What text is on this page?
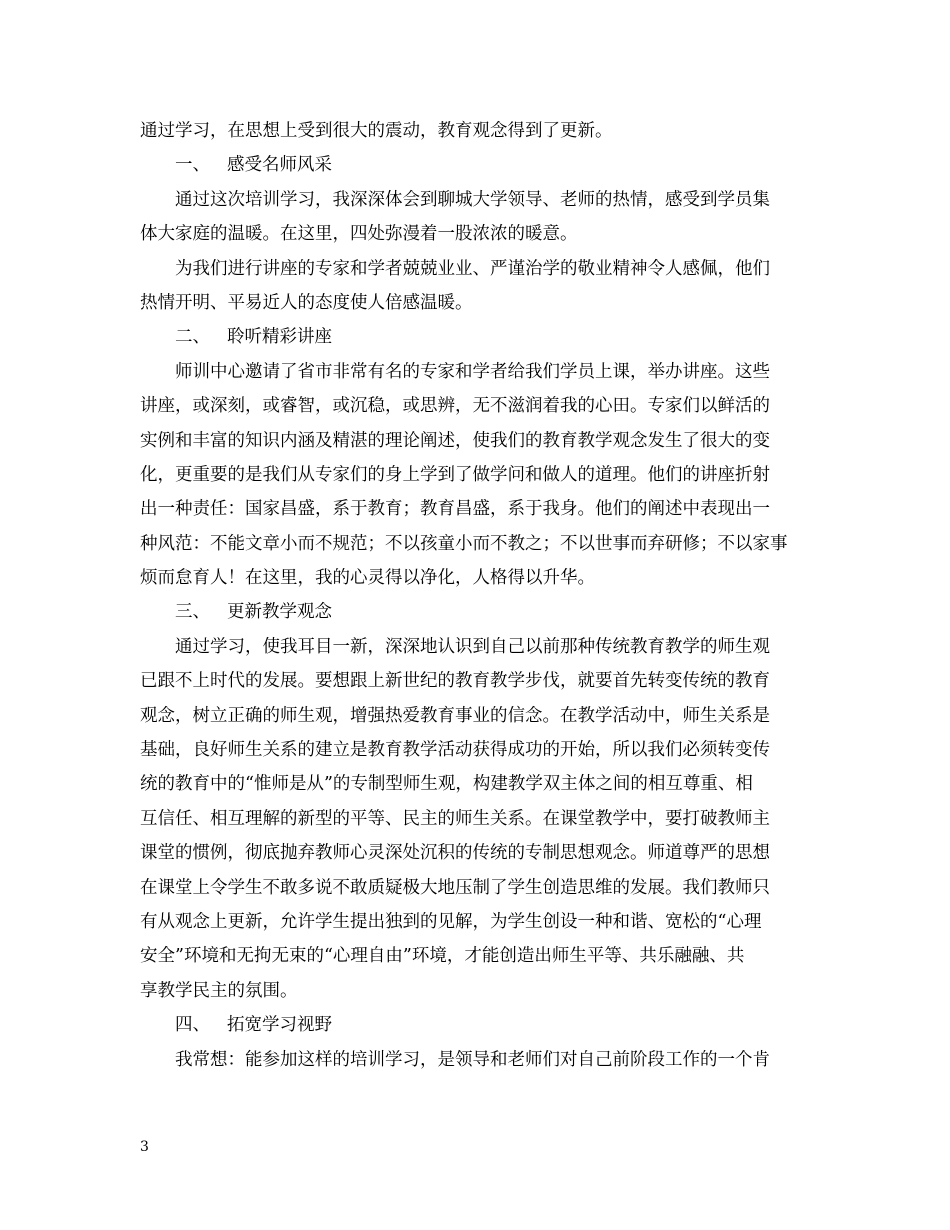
通过学习，在思想上受到很大的震动，教育观念得到了更新。
一、 感受名师风采
通过这次培训学习，我深深体会到聊城大学领导、老师的热情，感受到学员集
体大家庭的温暖。在这里，四处弥漫着一股浓浓的暖意。
为我们进行讲座的专家和学者兢兢业业、严谨治学的敬业精神令人感佩，他们
热情开明、平易近人的态度使人倍感温暖。
二、 聆听精彩讲座
师训中心邀请了省市非常有名的专家和学者给我们学员上课，举办讲座。这些
讲座，或深刻，或睿智，或沉稳，或思辨，无不滋润着我的心田。专家们以鲜活的
实例和丰富的知识内涵及精湛的理论阐述，使我们的教育教学观念发生了很大的变
化，更重要的是我们从专家们的身上学到了做学问和做人的道理。他们的讲座折射
出一种责任：国家昌盛，系于教育；教育昌盛，系于我身。他们的阐述中表现出一
种风范：不能文章小而不规范；不以孩童小而不教之；不以世事而弃研修；不以家事
烦而怠育人！在这里，我的心灵得以净化，人格得以升华。
三、 更新教学观念
通过学习，使我耳目一新，深深地认识到自己以前那种传统教育教学的师生观
已跟不上时代的发展。要想跟上新世纪的教育教学步伐，就要首先转变传统的教育
观念，树立正确的师生观，增强热爱教育事业的信念。在教学活动中，师生关系是
基础，良好师生关系的建立是教育教学活动获得成功的开始，所以我们必须转变传
统的教育中的“惟师是从”的专制型师生观，构建教学双主体之间的相互尊重、相
互信任、相互理解的新型的平等、民主的师生关系。在课堂教学中，要打破教师主
课堂的惯例，彻底抛弃教师心灵深处沉积的传统的专制思想观念。师道尊严的思想
在课堂上令学生不敢多说不敢质疑极大地压制了学生创造思维的发展。我们教师只
有从观念上更新，允许学生提出独到的见解，为学生创设一种和谐、宽松的“心理
安全”环境和无拘无束的“心理自由”环境，才能创造出师生平等、共乐融融、共
享教学民主的氛围。
四、 拓宽学习视野
我常想：能参加这样的培训学习，是领导和老师们对自己前阶段工作的一个肯
3
